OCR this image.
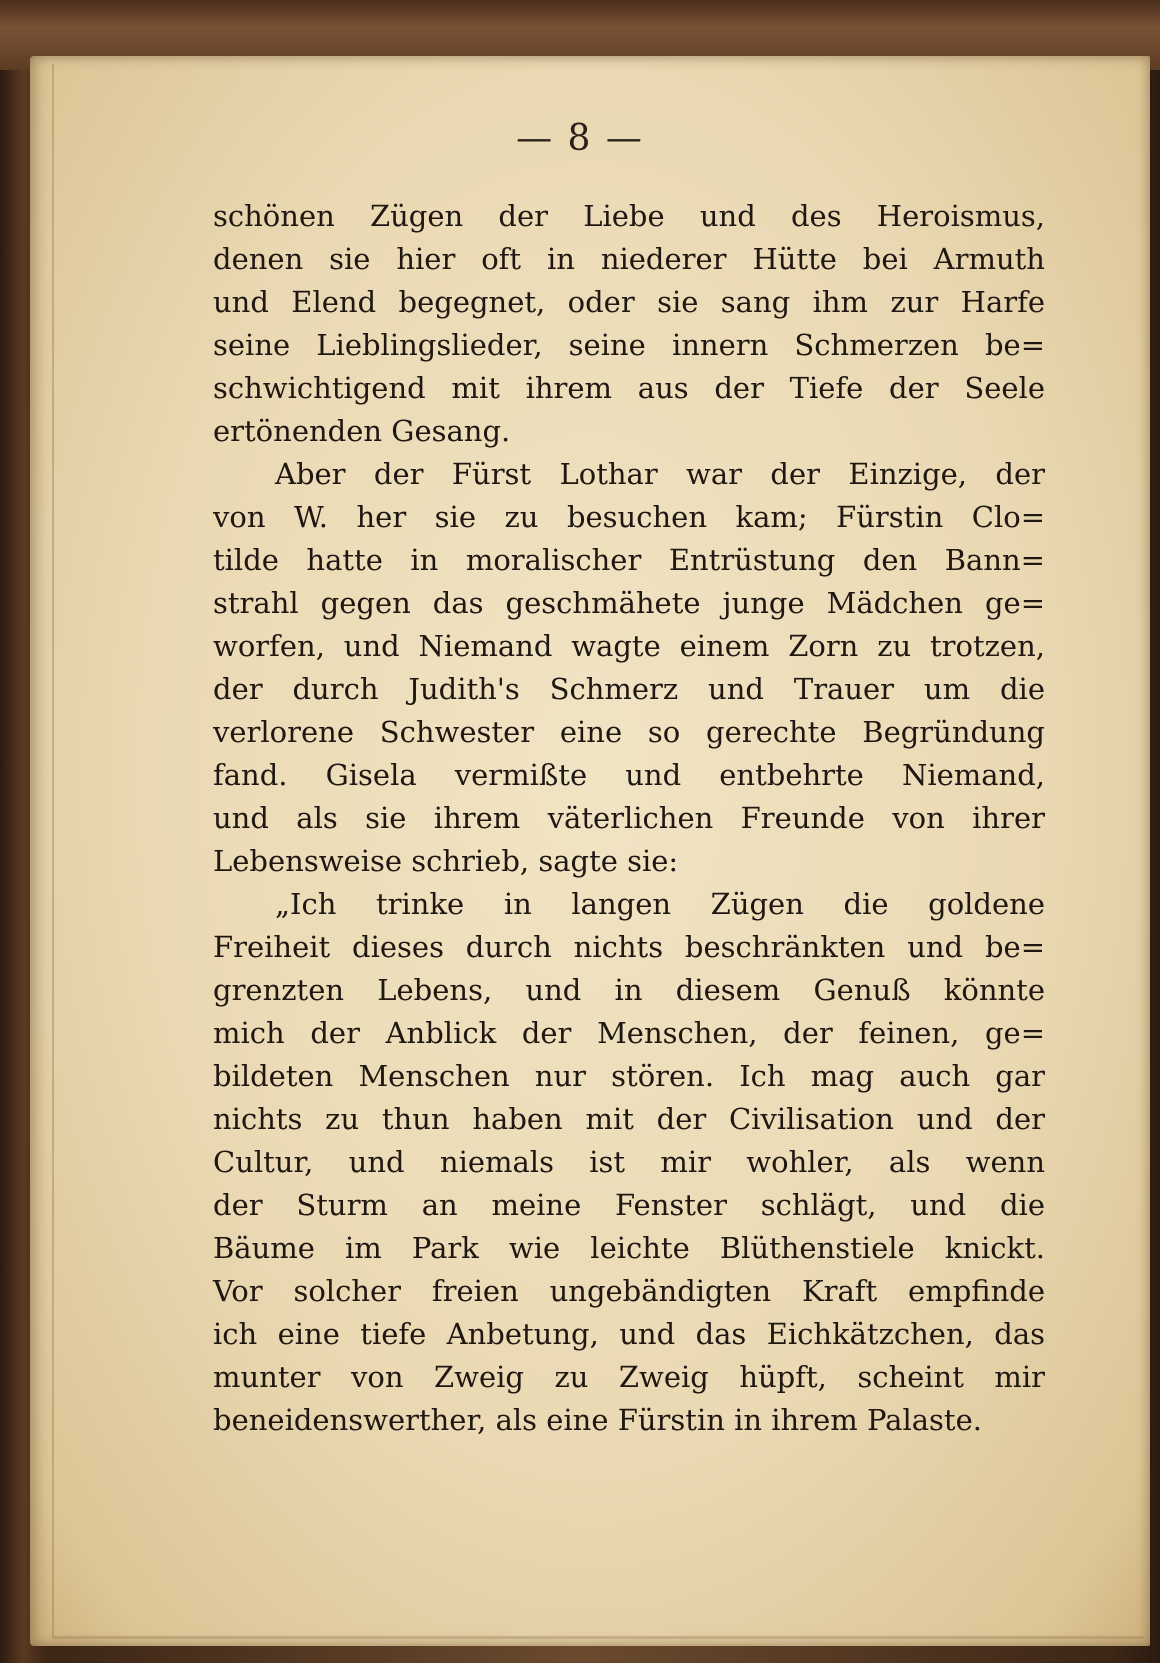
— 8 —
schönen Zügen der Liebe und des Heroismus,
denen sie hier oft in niederer Hütte bei Armuth
und Elend begegnet, oder sie sang ihm zur Harfe
seine Lieblingslieder, seine innern Schmerzen be=
schwichtigend mit ihrem aus der Tiefe der Seele
ertönenden Gesang.
Aber der Fürst Lothar war der Einzige, der
von W. her sie zu besuchen kam; Fürstin Clo=
tilde hatte in moralischer Entrüstung den Bann=
strahl gegen das geschmähete junge Mädchen ge=
worfen, und Niemand wagte einem Zorn zu trotzen,
der durch Judith's Schmerz und Trauer um die
verlorene Schwester eine so gerechte Begründung
fand. Gisela vermißte und entbehrte Niemand,
und als sie ihrem väterlichen Freunde von ihrer
Lebensweise schrieb, sagte sie:
„Ich trinke in langen Zügen die goldene
Freiheit dieses durch nichts beschränkten und be=
grenzten Lebens, und in diesem Genuß könnte
mich der Anblick der Menschen, der feinen, ge=
bildeten Menschen nur stören. Ich mag auch gar
nichts zu thun haben mit der Civilisation und der
Cultur, und niemals ist mir wohler, als wenn
der Sturm an meine Fenster schlägt, und die
Bäume im Park wie leichte Blüthenstiele knickt.
Vor solcher freien ungebändigten Kraft empfinde
ich eine tiefe Anbetung, und das Eichkätzchen, das
munter von Zweig zu Zweig hüpft, scheint mir
beneidenswerther, als eine Fürstin in ihrem Palaste.
